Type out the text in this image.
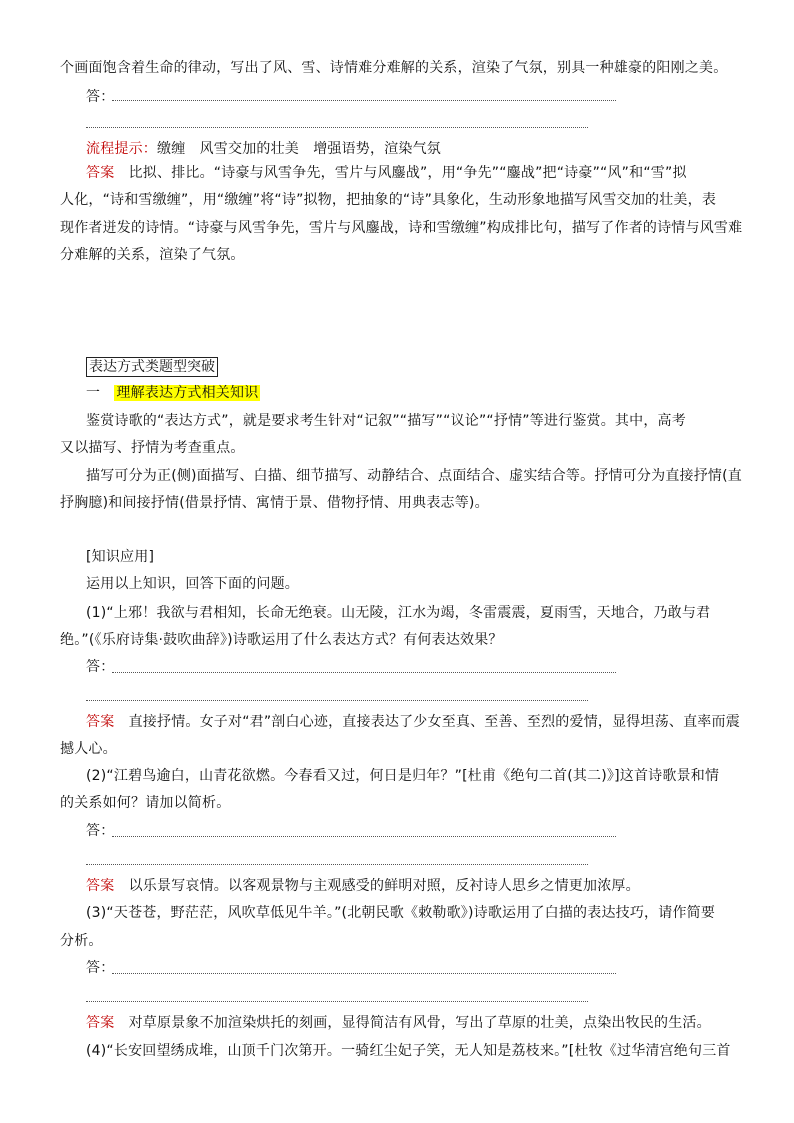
个画面饱含着生命的律动，写出了风、雪、诗情难分难解的关系，渲染了气氛，别具一种雄豪的阳刚之美。
答：
流程提示：缴缠　风雪交加的壮美　增强语势，渲染气氛
答案　比拟、排比。“诗豪与风雪争先，雪片与风鏖战”，用“争先”“鏖战”把“诗豪”“风”和“雪”拟
人化，“诗和雪缴缠”，用“缴缠”将“诗”拟物，把抽象的“诗”具象化，生动形象地描写风雪交加的壮美，表
现作者迸发的诗情。“诗豪与风雪争先，雪片与风鏖战，诗和雪缴缠”构成排比句，描写了作者的诗情与风雪难
分难解的关系，渲染了气氛。
表达方式类题型突破
一　 理解表达方式相关知识
鉴赏诗歌的“表达方式”，就是要求考生针对“记叙”“描写”“议论”“抒情”等进行鉴赏。其中，高考
又以描写、抒情为考查重点。
描写可分为正(侧)面描写、白描、细节描写、动静结合、点面结合、虚实结合等。抒情可分为直接抒情(直
抒胸臆)和间接抒情(借景抒情、寓情于景、借物抒情、用典表志等)。
[知识应用]
运用以上知识，回答下面的问题。
(1)“上邪！我欲与君相知，长命无绝衰。山无陵，江水为竭，冬雷震震，夏雨雪，天地合，乃敢与君
绝。”(《乐府诗集·鼓吹曲辞》)诗歌运用了什么表达方式？有何表达效果？
答：
答案　直接抒情。女子对“君”剖白心迹，直接表达了少女至真、至善、至烈的爱情，显得坦荡、直率而震
撼人心。
(2)“江碧鸟逾白，山青花欲燃。今春看又过，何日是归年？”[杜甫《绝句二首(其二)》]这首诗歌景和情
的关系如何？请加以简析。
答：
答案　以乐景写哀情。以客观景物与主观感受的鲜明对照，反衬诗人思乡之情更加浓厚。
(3)“天苍苍，野茫茫，风吹草低见牛羊。”(北朝民歌《敕勒歌》)诗歌运用了白描的表达技巧，请作简要
分析。
答：
答案　对草原景象不加渲染烘托的刻画，显得简洁有风骨，写出了草原的壮美，点染出牧民的生活。
(4)“长安回望绣成堆，山顶千门次第开。一骑红尘妃子笑，无人知是荔枝来。”[杜牧《过华清宫绝句三首
